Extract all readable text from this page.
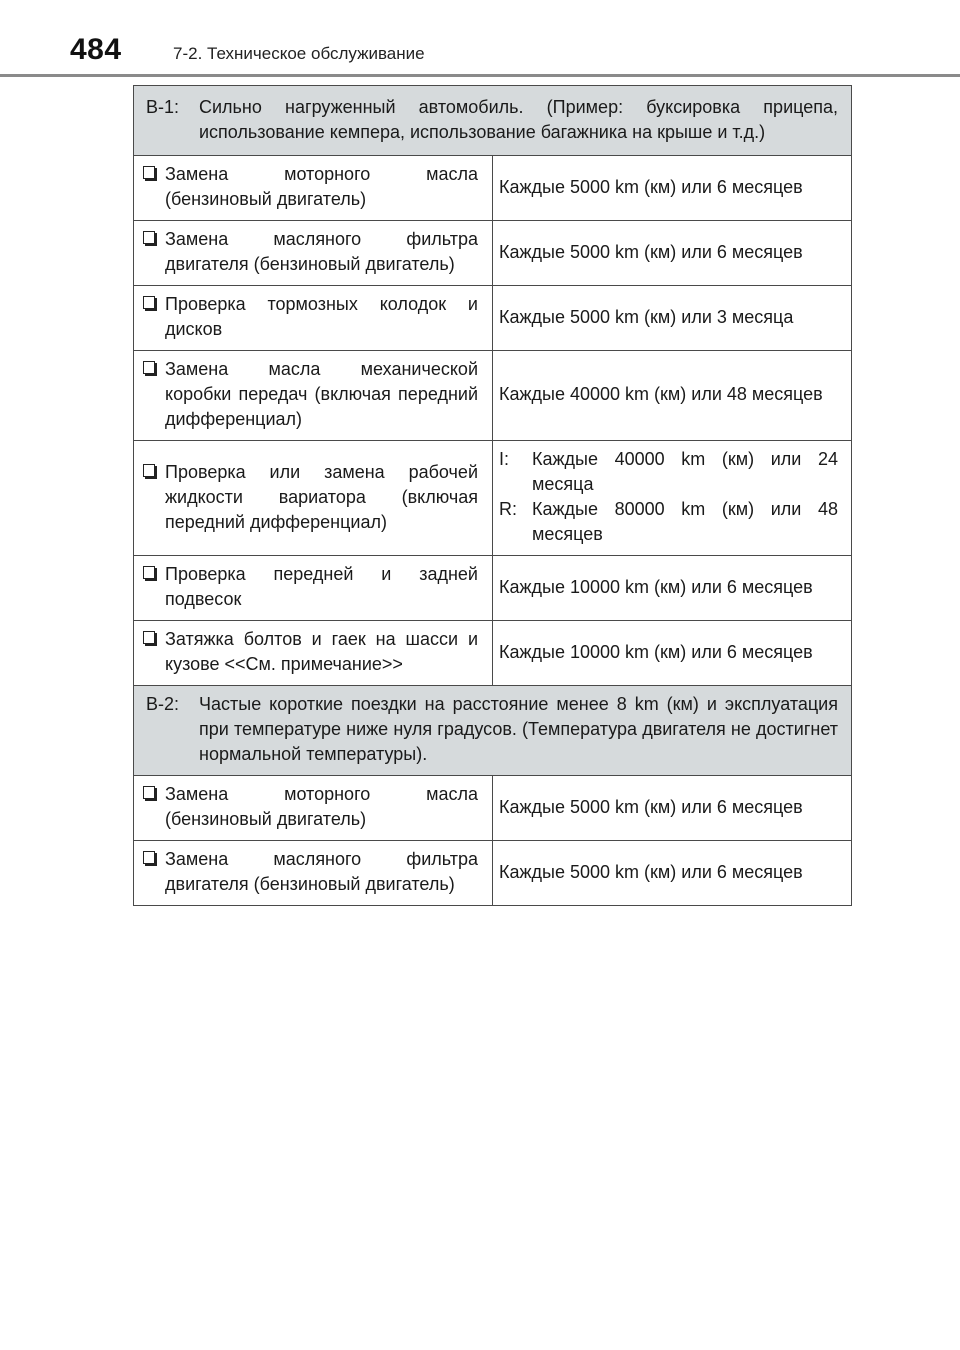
484	7-2. Техническое обслуживание
B-1: Сильно нагруженный автомобиль. (Пример: буксировка прицепа, использование кемпера, использование багажника на крыше и т.д.)	

Замена моторного масла (бензиновый двигатель)	Каждые 5000 km (км) или 6 месяцев

Замена масляного фильтра двигателя (бензиновый двигатель)	Каждые 5000 km (км) или 6 месяцев

Проверка тормозных колодок и дисков	Каждые 5000 km (км) или 3 месяца

Замена масла механической коробки передач (включая передний дифференциал)	Каждые 40000 km (км) или 48 месяцев

Проверка или замена рабочей жидкости вариатора (включая передний дифференциал)	I: Каждые 40000 km (км) или 24 месяца
R: Каждые 80000 km (км) или 48 месяцев

Проверка передней и задней подвесок	Каждые 10000 km (км) или 6 месяцев

Затяжка болтов и гаек на шасси и кузове <<См. примечание>>	Каждые 10000 km (км) или 6 месяцев

B-2: Частые короткие поездки на расстояние менее 8 km (км) и эксплуатация при температуре ниже нуля градусов. (Температура двигателя не достигнет нормальной температуры).	

Замена моторного масла (бензиновый двигатель)	Каждые 5000 km (км) или 6 месяцев

Замена масляного фильтра двигателя (бензиновый двигатель)	Каждые 5000 km (км) или 6 месяцев
